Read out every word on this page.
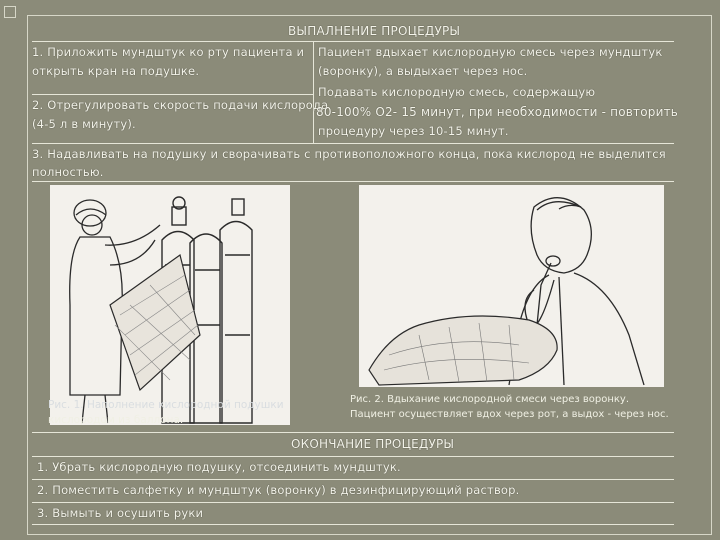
ВЫПАЛНЕНИЕ ПРОЦЕДУРЫ
1. Приложить мундштук ко рту пациента и
открыть кран на подушке.
2. Отрегулировать скорость подачи кислорода
(4-5 л в минуту).
Пациент вдыхает кислородную смесь через мундштук
(воронку), а выдыхает через нос.
Подавать кислородную смесь, содержащую
80-100% О2- 15 минут, при необходимости - повторить
процедуру через 10-15 минут.
3. Надавливать на подушку и сворачивать с противоположного конца, пока кислород не выделится
полностью.
Рис. 1. Наполнение кислородной подушки
кислородом из баллона.
Рис. 2. Вдыхание кислородной смеси через воронку.
Пациент осуществляет вдох через рот, а выдох - через нос.
ОКОНЧАНИЕ ПРОЦЕДУРЫ
1. Убрать кислородную подушку, отсоединить мундштук.
2. Поместить салфетку и мундштук (воронку) в дезинфицирующий раствор.
3. Вымыть и осушить руки
